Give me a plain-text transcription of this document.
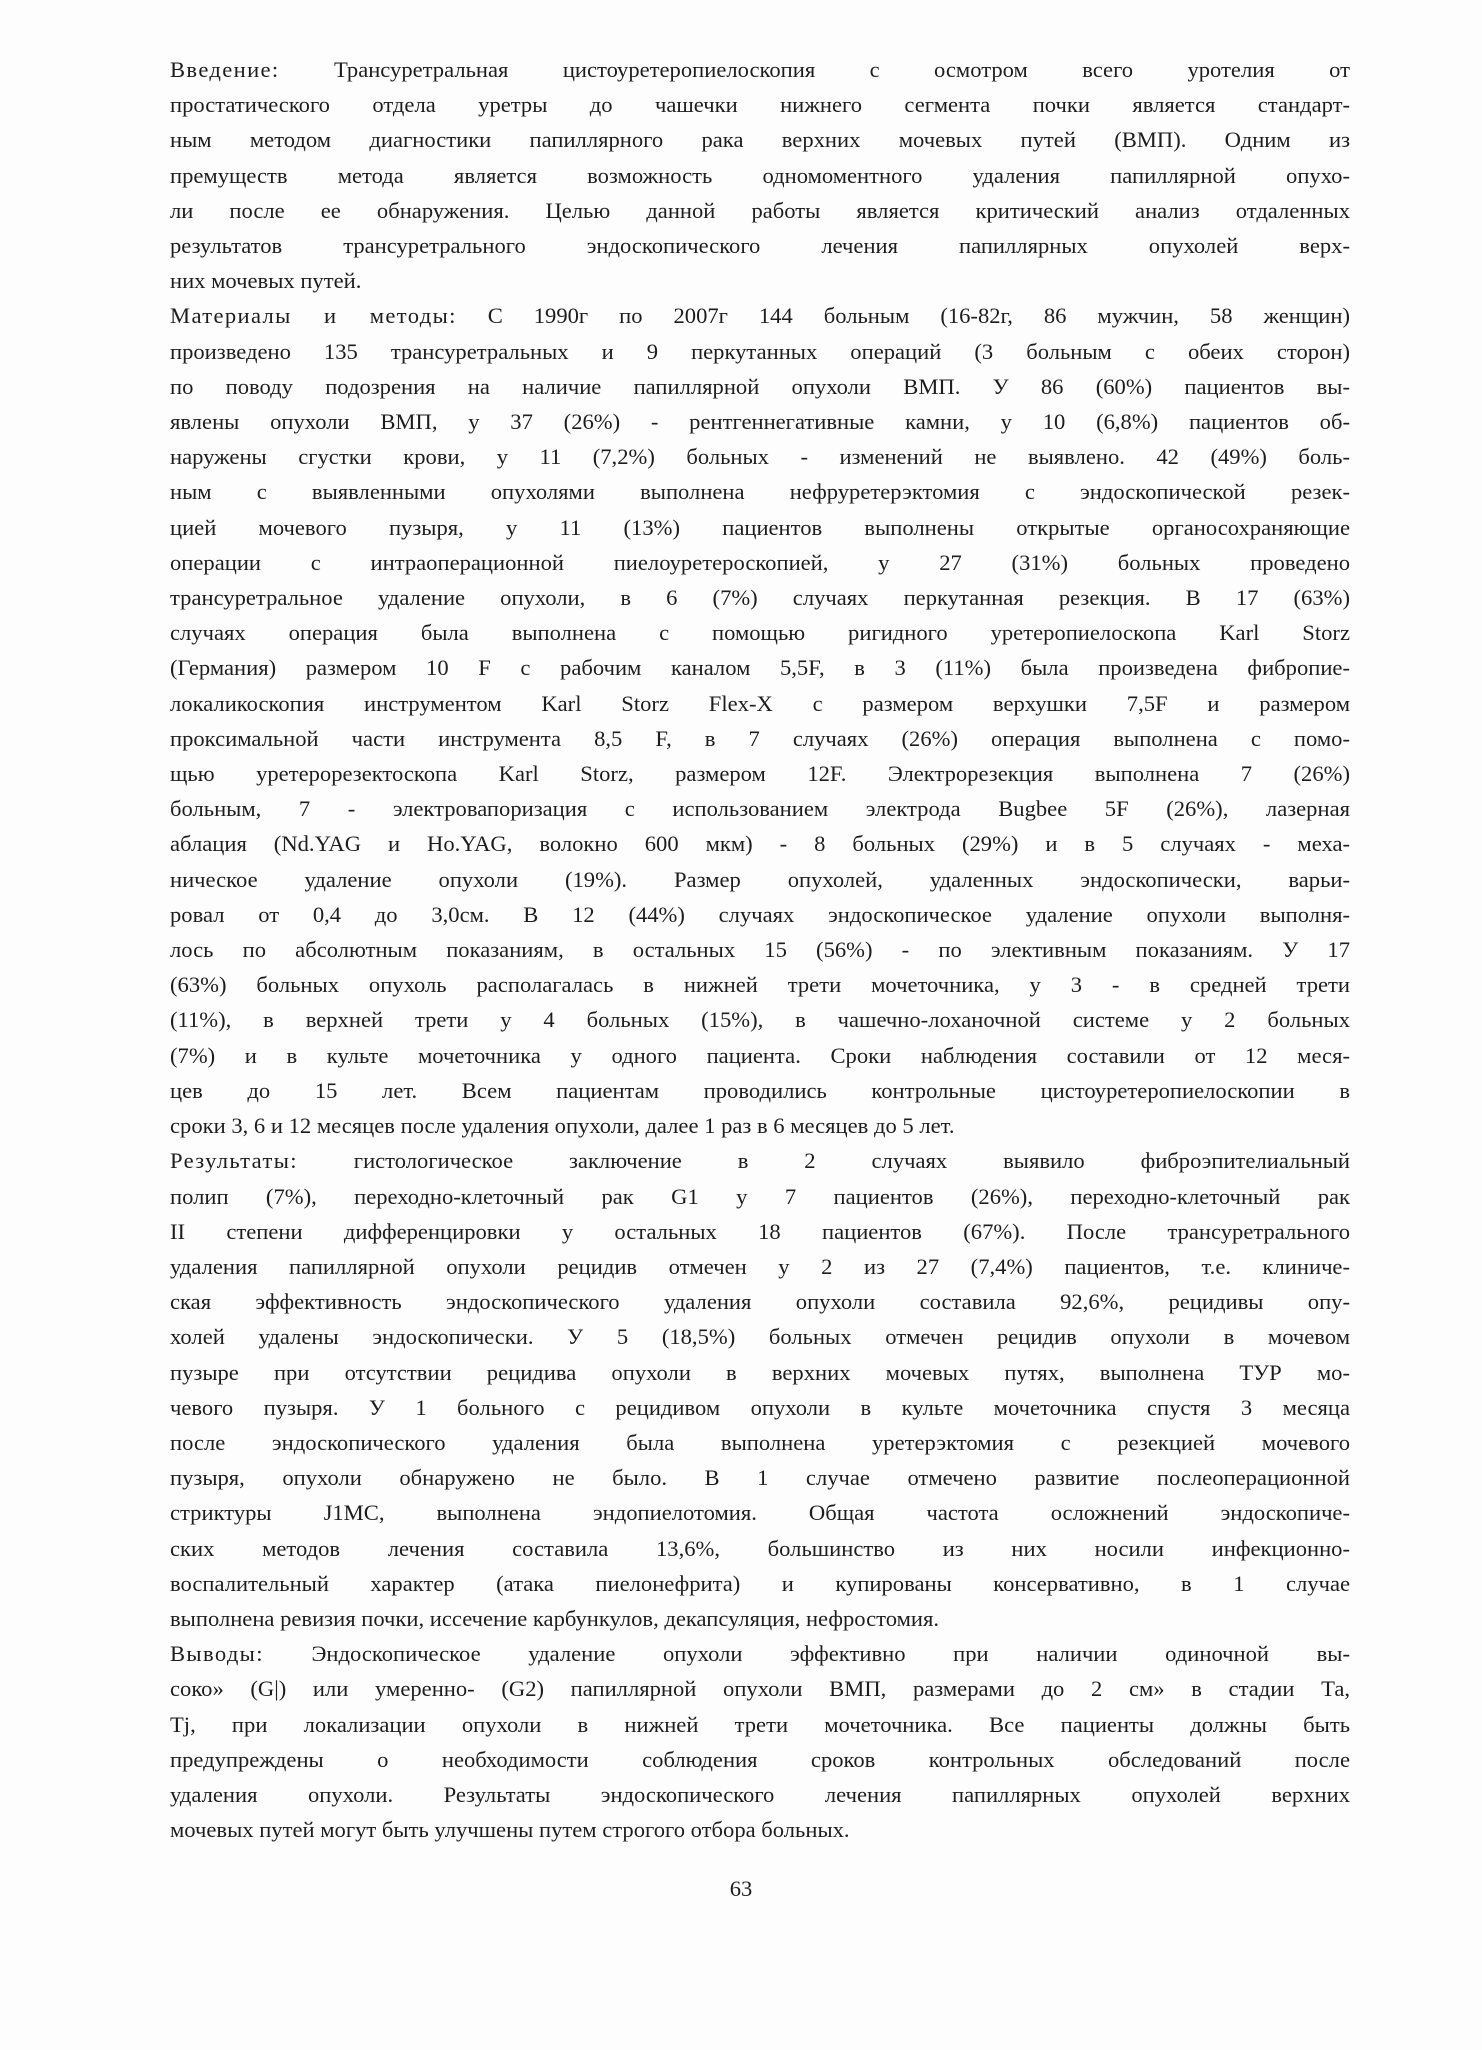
Введение: Трансуретральная цистоуретеропиелоскопия с осмотром всего уротелия от
простатического отдела уретры до чашечки нижнего сегмента почки является стандарт-
ным методом диагностики папиллярного рака верхних мочевых путей (ВМП). Одним из
премуществ метода является возможность одномоментного удаления папиллярной опухо-
ли после ее обнаружения. Целью данной работы является критический анализ отдаленных
результатов трансуретрального эндоскопического лечения папиллярных опухолей верх-
них мочевых путей.
Материалы и методы: С 1990г по 2007г 144 больным (16-82г, 86 мужчин, 58 женщин)
произведено 135 трансуретральных и 9 перкутанных операций (3 больным с обеих сторон)
по поводу подозрения на наличие папиллярной опухоли ВМП. У 86 (60%) пациентов вы-
явлены опухоли ВМП, у 37 (26%) - рентгеннегативные камни, у 10 (6,8%) пациентов об-
наружены сгустки крови, у 11 (7,2%) больных - изменений не выявлено. 42 (49%) боль-
ным с выявленными опухолями выполнена нефруретерэктомия с эндоскопической резек-
цией мочевого пузыря, у 11 (13%) пациентов выполнены открытые органосохраняющие
операции с интраоперационной пиелоуретероскопией, у 27 (31%) больных проведено
трансуретральное удаление опухоли, в 6 (7%) случаях перкутанная резекция. В 17 (63%)
случаях операция была выполнена с помощью ригидного уретеропиелоскопа Karl Storz
(Германия) размером 10 F с рабочим каналом 5,5F, в 3 (11%) была произведена фибропие-
локаликоскопия инструментом Karl Storz Flex-X с размером верхушки 7,5F и размером
проксимальной части инструмента 8,5 F, в 7 случаях (26%) операция выполнена с помо-
щью уретерорезектоскопа Karl Storz, размером 12F. Электрорезекция выполнена 7 (26%)
больным, 7 - электровапоризация с использованием электрода Bugbee 5F (26%), лазерная
аблация (Nd.YAG и Ho.YAG, волокно 600 мкм) - 8 больных (29%) и в 5 случаях - меха-
ническое удаление опухоли (19%). Размер опухолей, удаленных эндоскопически, варьи-
ровал от 0,4 до 3,0см. В 12 (44%) случаях эндоскопическое удаление опухоли выполня-
лось по абсолютным показаниям, в остальных 15 (56%) - по элективным показаниям. У 17
(63%) больных опухоль располагалась в нижней трети мочеточника, у 3 - в средней трети
(11%), в верхней трети у 4 больных (15%), в чашечно-лоханочной системе у 2 больных
(7%) и в культе мочеточника у одного пациента. Сроки наблюдения составили от 12 меся-
цев до 15 лет. Всем пациентам проводились контрольные цистоуретеропиелоскопии в
сроки 3, 6 и 12 месяцев после удаления опухоли, далее 1 раз в 6 месяцев до 5 лет.
Результаты: гистологическое заключение в 2 случаях выявило фиброэпителиальный
полип (7%), переходно-клеточный рак G1 у 7 пациентов (26%), переходно-клеточный рак
II степени дифференцировки у остальных 18 пациентов (67%). После трансуретрального
удаления папиллярной опухоли рецидив отмечен у 2 из 27 (7,4%) пациентов, т.е. клиниче-
ская эффективность эндоскопического удаления опухоли составила 92,6%, рецидивы опу-
холей удалены эндоскопически. У 5 (18,5%) больных отмечен рецидив опухоли в мочевом
пузыре при отсутствии рецидива опухоли в верхних мочевых путях, выполнена ТУР мо-
чевого пузыря. У 1 больного с рецидивом опухоли в культе мочеточника спустя 3 месяца
после эндоскопического удаления была выполнена уретерэктомия с резекцией мочевого
пузыря, опухоли обнаружено не было. В 1 случае отмечено развитие послеоперационной
стриктуры J1МС, выполнена эндопиелотомия. Общая частота осложнений эндоскопиче-
ских методов лечения составила 13,6%, большинство из них носили инфекционно-
воспалительный характер (атака пиелонефрита) и купированы консервативно, в 1 случае
выполнена ревизия почки, иссечение карбункулов, декапсуляция, нефростомия.
Выводы: Эндоскопическое удаление опухоли эффективно при наличии одиночной вы-
соко» (G|) или умеренно- (G2) папиллярной опухоли ВМП, размерами до 2 см» в стадии Та,
Tj, при локализации опухоли в нижней трети мочеточника. Все пациенты должны быть
предупреждены о необходимости соблюдения сроков контрольных обследований после
удаления опухоли. Результаты эндоскопического лечения папиллярных опухолей верхних
мочевых путей могут быть улучшены путем строгого отбора больных.
63
